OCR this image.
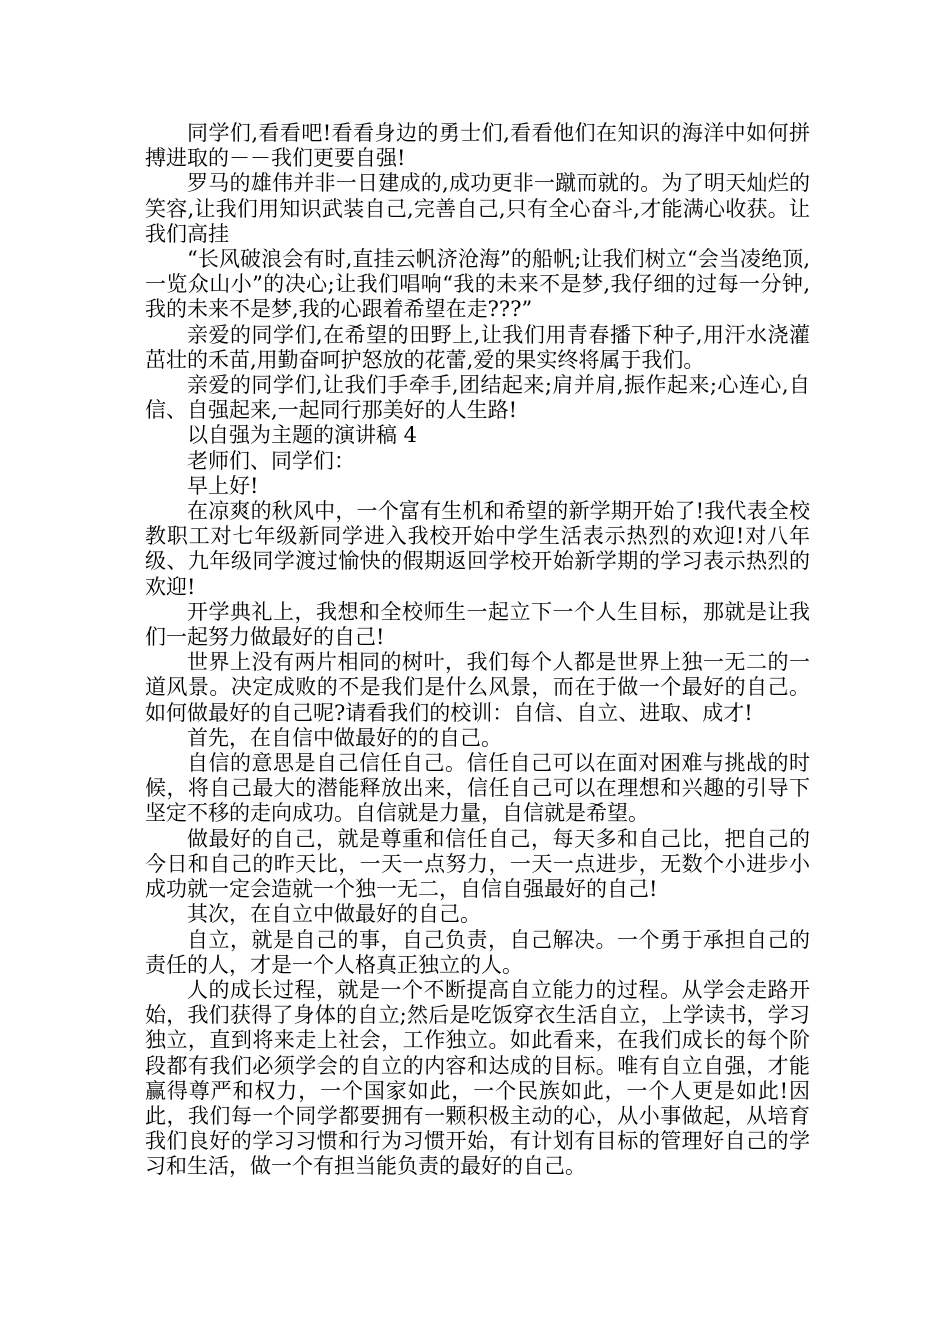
同学们,看看吧!看看身边的勇士们,看看他们在知识的海洋中如何拼搏进取的－－我们更要自强!

罗马的雄伟并非一日建成的,成功更非一蹴而就的。为了明天灿烂的笑容,让我们用知识武装自己,完善自己,只有全心奋斗,才能满心收获。让我们高挂

“长风破浪会有时,直挂云帆济沧海”的船帆;让我们树立“会当凌绝顶,一览众山小”的决心;让我们唱响“我的未来不是梦,我仔细的过每一分钟,我的未来不是梦,我的心跟着希望在走???”

亲爱的同学们,在希望的田野上,让我们用青春播下种子,用汗水浇灌茁壮的禾苗,用勤奋呵护怒放的花蕾,爱的果实终将属于我们。

亲爱的同学们,让我们手牵手,团结起来;肩并肩,振作起来;心连心,自信、自强起来,一起同行那美好的人生路!

以自强为主题的演讲稿 4

老师们、同学们：

早上好!

在凉爽的秋风中，一个富有生机和希望的新学期开始了!我代表全校教职工对七年级新同学进入我校开始中学生活表示热烈的欢迎!对八年级、九年级同学渡过愉快的假期返回学校开始新学期的学习表示热烈的欢迎!

开学典礼上，我想和全校师生一起立下一个人生目标，那就是让我们一起努力做最好的自己!

世界上没有两片相同的树叶，我们每个人都是世界上独一无二的一道风景。决定成败的不是我们是什么风景，而在于做一个最好的自己。如何做最好的自己呢?请看我们的校训：自信、自立、进取、成才!

首先，在自信中做最好的的自己。

自信的意思是自己信任自己。信任自己可以在面对困难与挑战的时候，将自己最大的潜能释放出来，信任自己可以在理想和兴趣的引导下坚定不移的走向成功。自信就是力量，自信就是希望。

做最好的自己，就是尊重和信任自己，每天多和自己比，把自己的今日和自己的昨天比，一天一点努力，一天一点进步，无数个小进步小成功就一定会造就一个独一无二，自信自强最好的自己!

其次，在自立中做最好的自己。

自立，就是自己的事，自己负责，自己解决。一个勇于承担自己的责任的人，才是一个人格真正独立的人。

人的成长过程，就是一个不断提高自立能力的过程。从学会走路开始，我们获得了身体的自立;然后是吃饭穿衣生活自立，上学读书，学习独立，直到将来走上社会，工作独立。如此看来，在我们成长的每个阶段都有我们必须学会的自立的内容和达成的目标。唯有自立自强，才能赢得尊严和权力，一个国家如此，一个民族如此，一个人更是如此!因此，我们每一个同学都要拥有一颗积极主动的心，从小事做起，从培育我们良好的学习习惯和行为习惯开始，有计划有目标的管理好自己的学习和生活，做一个有担当能负责的最好的自己。
